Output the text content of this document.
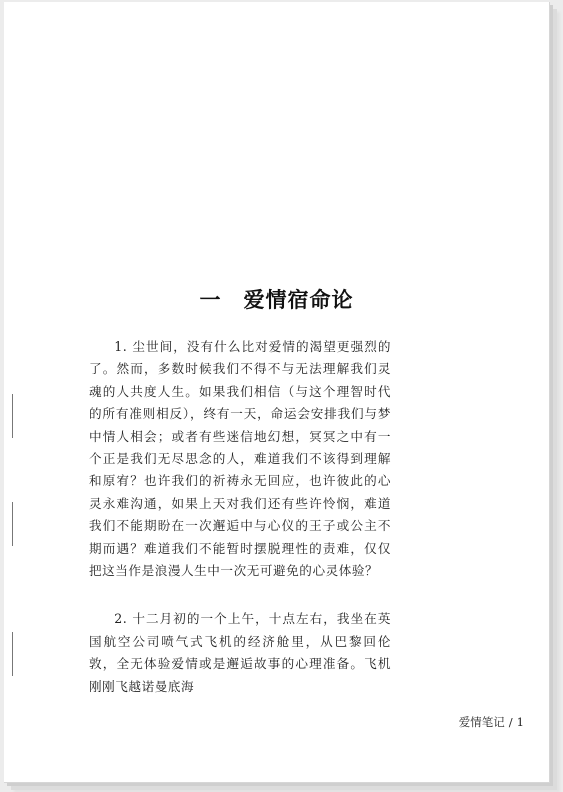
一 爱情宿命论

1. 尘世间，没有什么比对爱情的渴望更强烈的了。然而，多数时候我们不得不与无法理解我们灵魂的人共度人生。如果我们相信（与这个理智时代的所有准则相反），终有一天，命运会安排我们与梦中情人相会；或者有些迷信地幻想，冥冥之中有一个正是我们无尽思念的人，难道我们不该得到理解和原宥？也许我们的祈祷永无回应，也许彼此的心灵永难沟通，如果上天对我们还有些许怜悯，难道我们不能期盼在一次邂逅中与心仪的王子或公主不期而遇？难道我们不能暂时摆脱理性的责难，仅仅把这当作是浪漫人生中一次无可避免的心灵体验？

2. 十二月初的一个上午，十点左右，我坐在英国航空公司喷气式飞机的经济舱里，从巴黎回伦敦，全无体验爱情或是邂逅故事的心理准备。飞机刚刚飞越诺曼底海

爱情笔记 / 1
